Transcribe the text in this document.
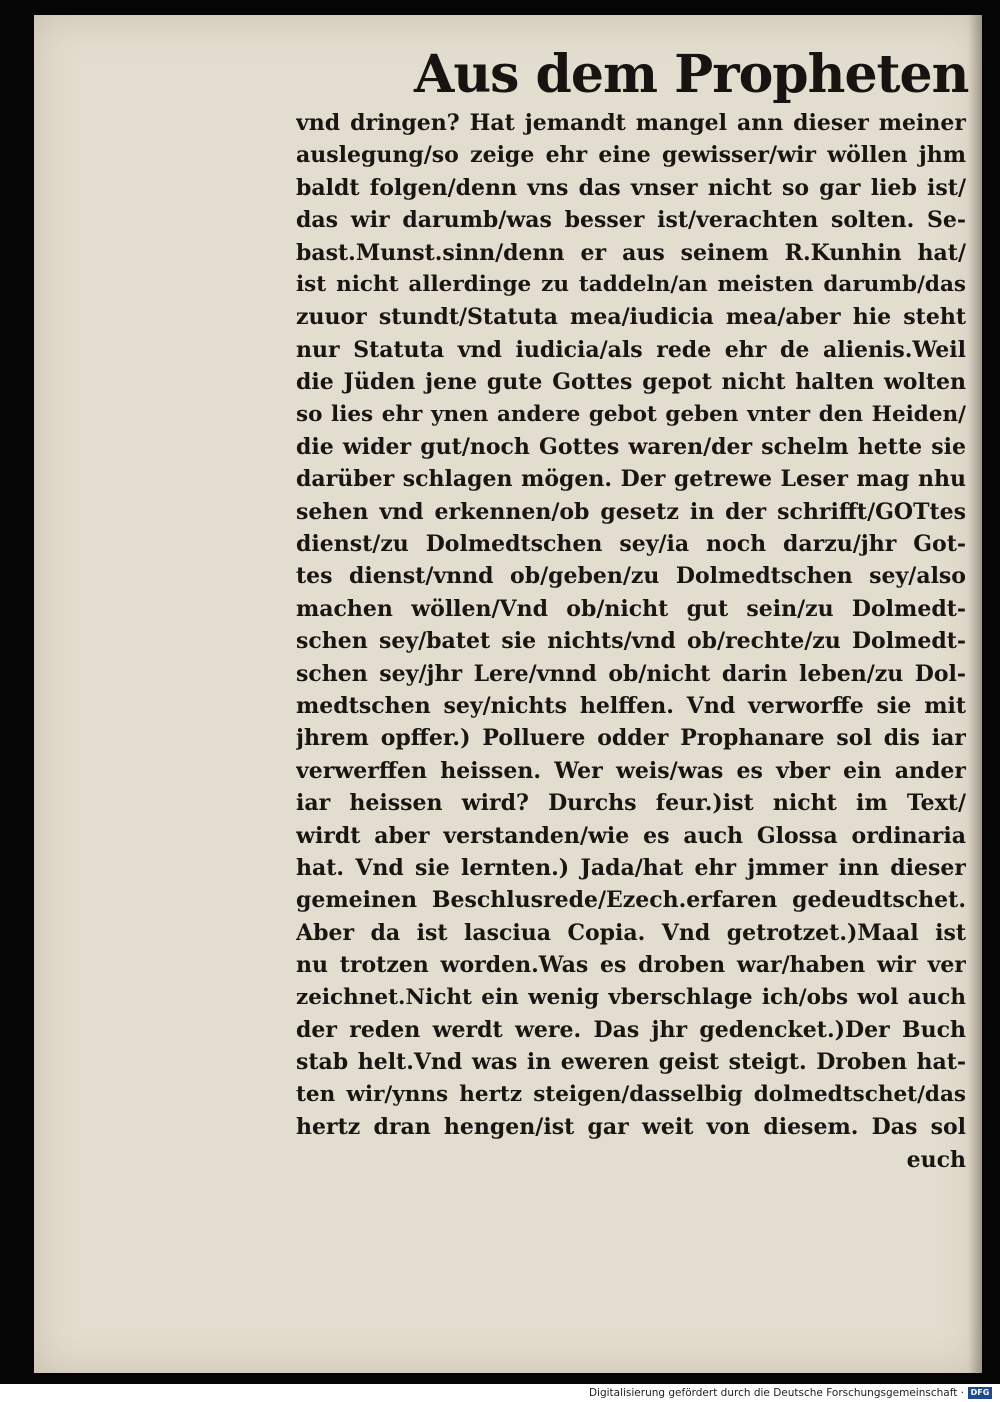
Aus dem Propheten
vnd dringen? Hat jemandt mangel ann dieser meiner
auslegung/so zeige ehr eine gewisser/wir wöllen jhm
baldt folgen/denn vns das vnser nicht so gar lieb ist/
das wir darumb/was besser ist/verachten solten. Se-
bast.Munst.sinn/denn er aus seinem R.Kunhin hat/
ist nicht allerdinge zu taddeln/an meisten darumb/das
zuuor stundt/Statuta mea/iudicia mea/aber hie steht
nur Statuta vnd iudicia/als rede ehr de alienis.Weil
die Jüden jene gute Gottes gepot nicht halten wolten
so lies ehr ynen andere gebot geben vnter den Heiden/
die wider gut/noch Gottes waren/der schelm hette sie
darüber schlagen mögen. Der getrewe Leser mag nhu
sehen vnd erkennen/ob gesetz in der schrifft/GOTtes
dienst/zu Dolmedtschen sey/ia noch darzu/jhr Got-
tes dienst/vnnd ob/geben/zu Dolmedtschen sey/also
machen wöllen/Vnd ob/nicht gut sein/zu Dolmedt-
schen sey/batet sie nichts/vnd ob/rechte/zu Dolmedt-
schen sey/jhr Lere/vnnd ob/nicht darin leben/zu Dol-
medtschen sey/nichts helffen. Vnd verworffe sie mit
jhrem opffer.) Polluere odder Prophanare sol dis iar
verwerffen heissen. Wer weis/was es vber ein ander
iar heissen wird? Durchs feur.)ist nicht im Text/
wirdt aber verstanden/wie es auch Glossa ordinaria
hat. Vnd sie lernten.) Jada/hat ehr jmmer inn dieser
gemeinen Beschlusrede/Ezech.erfaren gedeudtschet.
Aber da ist lasciua Copia. Vnd getrotzet.)Maal ist
nu trotzen worden.Was es droben war/haben wir ver
zeichnet.Nicht ein wenig vberschlage ich/obs wol auch
der reden werdt were. Das jhr gedencket.)Der Buch
stab helt.Vnd was in eweren geist steigt. Droben hat-
ten wir/ynns hertz steigen/dasselbig dolmedtschet/das
hertz dran hengen/ist gar weit von diesem. Das sol
euch
Digitalisierung gefördert durch die Deutsche Forschungsgemeinschaft · DFG
